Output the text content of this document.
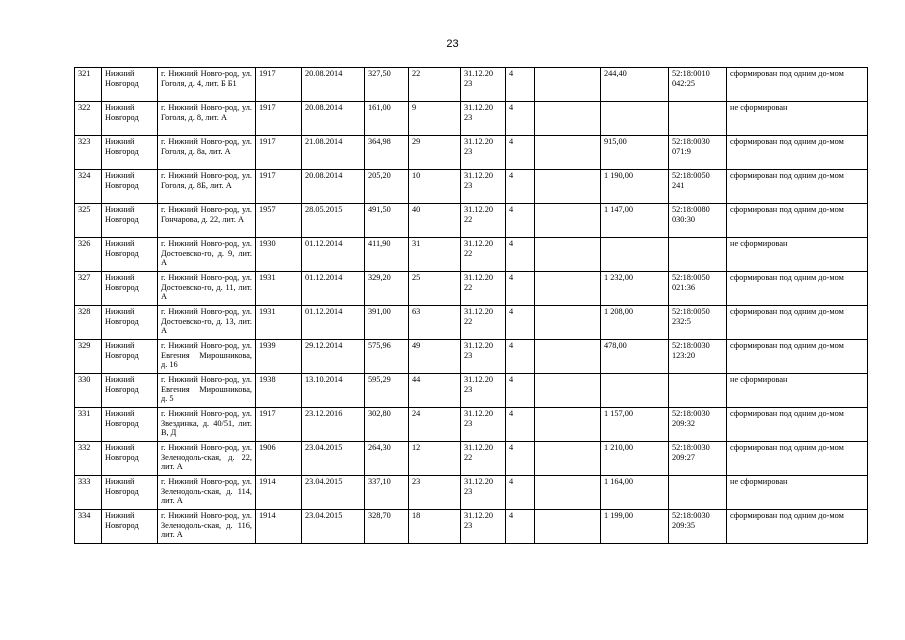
23
321	Нижний Новгород	г. Нижний Новго-род, ул. Гоголя, д. 4, лит. Б Б1	1917	20.08.2014	327,50	22	31.12.20 23	4		244,40	52:18:0010 042:25	сформирован под одним до-мом
322	Нижний Новгород	г. Нижний Новго-род, ул. Гоголя, д. 8, лит. А	1917	20.08.2014	161,00	9	31.12.20 23	4				не сформирован
323	Нижний Новгород	г. Нижний Новго-род, ул. Гоголя, д. 8а, лит. А	1917	21.08.2014	364,98	29	31.12.20 23	4		915,00	52:18:0030 071:9	сформирован под одним до-мом
324	Нижний Новгород	г. Нижний Новго-род, ул. Гоголя, д. 8Б, лит. А	1917	20.08.2014	205,20	10	31.12.20 23	4		1 190,00	52:18:0050 241	сформирован под одним до-мом
325	Нижний Новгород	г. Нижний Новго-род, ул. Гончарова, д. 22, лит. А	1957	28.05.2015	491,50	40	31.12.20 22	4		1 147,00	52:18:0080 030:30	сформирован под одним до-мом
326	Нижний Новгород	г. Нижний Новго-род, ул. Достоевско-го, д. 9, лит. А	1930	01.12.2014	411,90	31	31.12.20 22	4				не сформирован
327	Нижний Новгород	г. Нижний Новго-род, ул. Достоевско-го, д. 11, лит. А	1931	01.12.2014	329,20	25	31.12.20 22	4		1 232,00	52:18:0050 021:36	сформирован под одним до-мом
328	Нижний Новгород	г. Нижний Новго-род, ул. Достоевско-го, д. 13, лит. А	1931	01.12.2014	391,00	63	31.12.20 22	4		1 208,00	52:18:0050 232:5	сформирован под одним до-мом
329	Нижний Новгород	г. Нижний Новго-род, ул. Евгения Мирошникова, д. 16	1939	29.12.2014	575,96	49	31.12.20 23	4		478,00	52:18:0030 123:20	сформирован под одним до-мом
330	Нижний Новгород	г. Нижний Новго-род, ул. Евгения Мирошникова, д. 5	1938	13.10.2014	595,29	44	31.12.20 23	4				не сформирован
331	Нижний Новгород	г. Нижний Новго-род, ул. Звездинка, д. 40/51, лит. В, Д	1917	23.12.2016	302,80	24	31.12.20 23	4		1 157,00	52:18:0030 209:32	сформирован под одним до-мом
332	Нижний Новгород	г. Нижний Новго-род, ул. Зеленодоль-ская, д. 22, лит. А	1906	23.04.2015	264,30	12	31.12.20 22	4		1 210,00	52:18:0030 209:27	сформирован под одним до-мом
333	Нижний Новгород	г. Нижний Новго-род, ул. Зеленодоль-ская, д. 114, лит. А	1914	23.04.2015	337,10	23	31.12.20 23	4		1 164,00		не сформирован
334	Нижний Новгород	г. Нижний Новго-род, ул. Зеленодоль-ская, д. 116, лит. А	1914	23.04.2015	328,70	18	31.12.20 23	4		1 199,00	52:18:0030 209:35	сформирован под одним до-мом
